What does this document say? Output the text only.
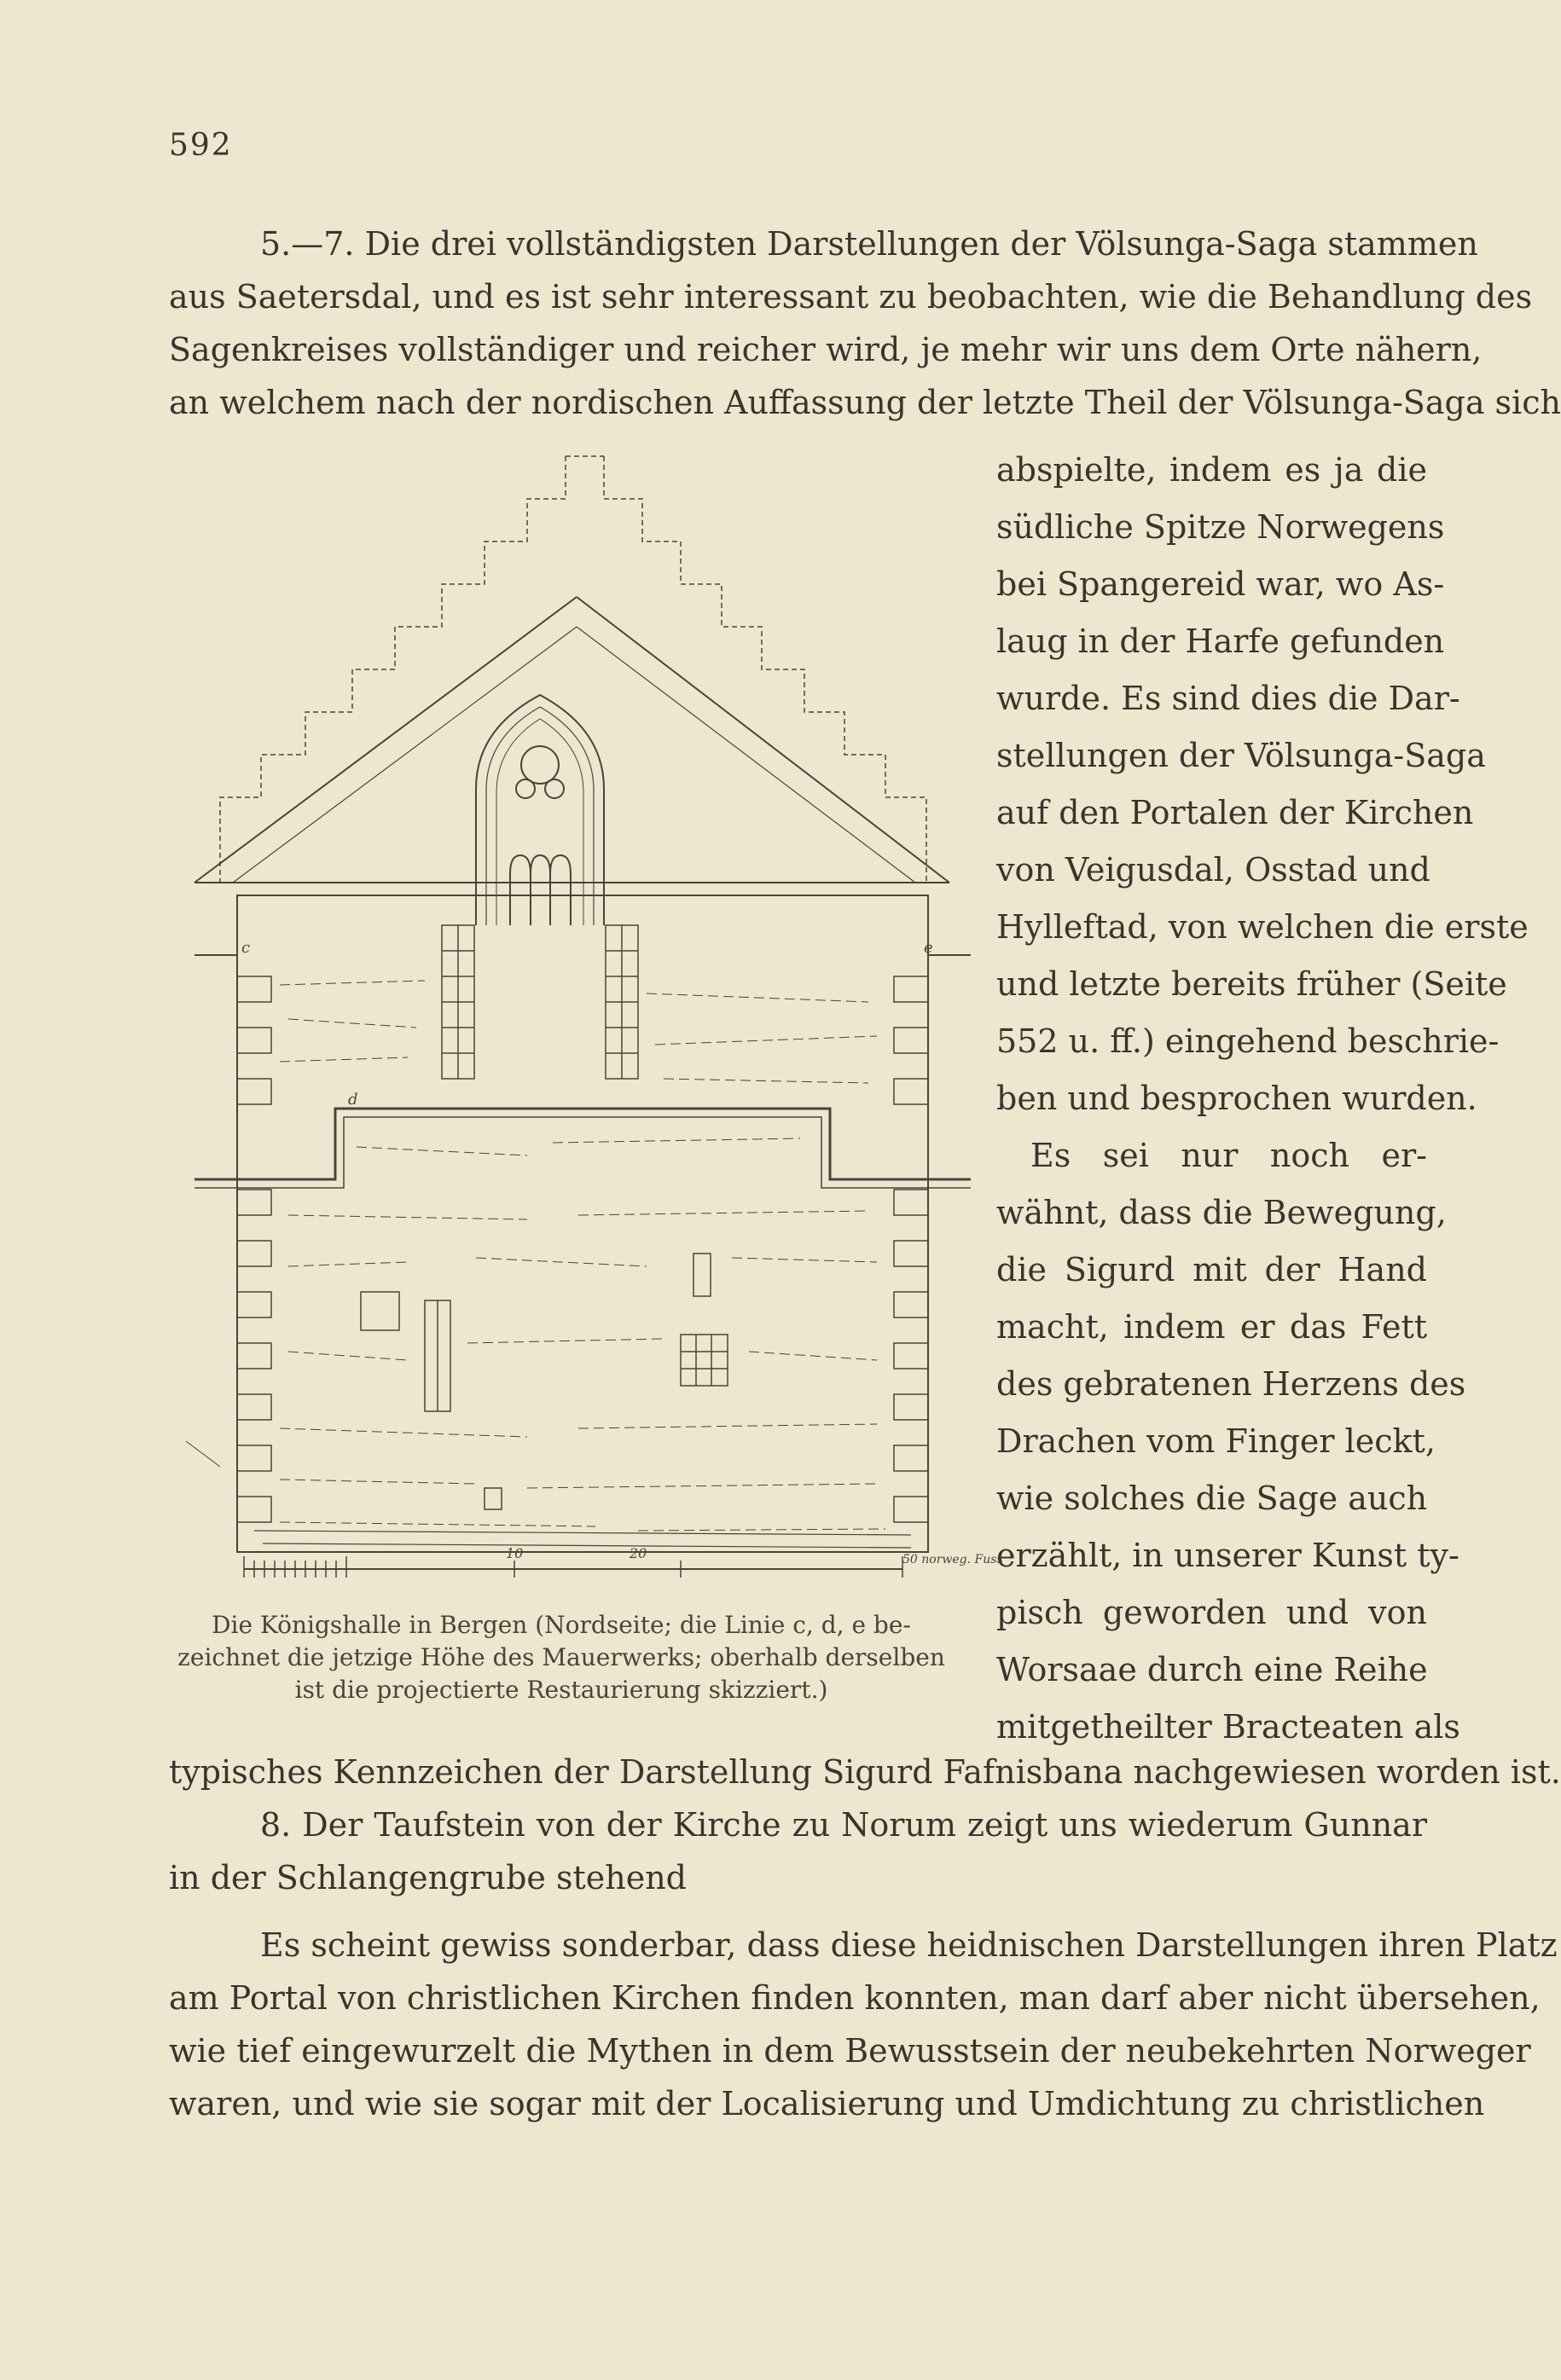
592
5.—7. Die drei vollständigsten Darstellungen der Völsunga-Saga stammen
aus Saetersdal, und es ist sehr interessant zu beobachten, wie die Behandlung des
Sagenkreises vollständiger und reicher wird, je mehr wir uns dem Orte nähern,
an welchem nach der nordischen Auffassung der letzte Theil der Völsunga-Saga sich
abspielte, indem es ja die
südliche Spitze Norwegens
bei Spangereid war, wo As-
laug in der Harfe gefunden
wurde. Es sind dies die Dar-
stellungen der Völsunga-Saga
auf den Portalen der Kirchen
von Veigusdal, Osstad und
Hylleftad, von welchen die erste
und letzte bereits früher (Seite
552 u. ff.) eingehend beschrie-
ben und besprochen wurden.
Es sei nur noch er-
wähnt, dass die Bewegung,
die Sigurd mit der Hand
macht, indem er das Fett
des gebratenen Herzens des
Drachen vom Finger leckt,
wie solches die Sage auch
erzählt, in unserer Kunst ty-
pisch geworden und von
Worsaae durch eine Reihe
mitgetheilter Bracteaten als
c	e
d
10	20	50 norweg. Fuss
Die Königshalle in Bergen (Nordseite; die Linie c, d, e be-
zeichnet die jetzige Höhe des Mauerwerks; oberhalb derselben
ist die projectierte Restaurierung skizziert.)
typisches Kennzeichen der Darstellung Sigurd Fafnisbana nachgewiesen worden ist.
8. Der Taufstein von der Kirche zu Norum zeigt uns wiederum Gunnar
in der Schlangengrube stehend
Es scheint gewiss sonderbar, dass diese heidnischen Darstellungen ihren Platz
am Portal von christlichen Kirchen finden konnten, man darf aber nicht übersehen,
wie tief eingewurzelt die Mythen in dem Bewusstsein der neubekehrten Norweger
waren, und wie sie sogar mit der Localisierung und Umdichtung zu christlichen
